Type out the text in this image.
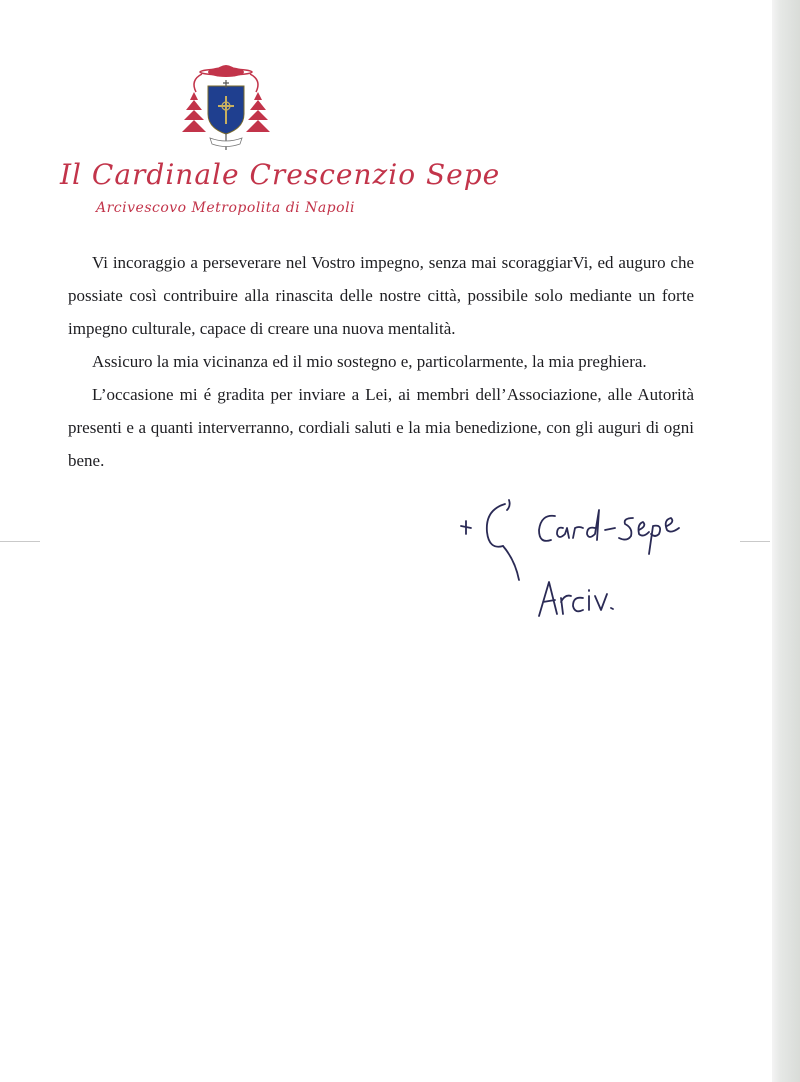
Il Cardinale Crescenzio Sepe
Arcivescovo Metropolita di Napoli

Vi incoraggio a perseverare nel Vostro impegno, senza mai scoraggiarVi, ed auguro che possiate così contribuire alla rinascita delle nostre città, possibile solo mediante un forte impegno culturale, capace di creare una nuova mentalità.

Assicuro la mia vicinanza ed il mio sostegno e, particolarmente, la mia preghiera.

L’occasione mi é gradita per inviare a Lei, ai membri dell’Associazione, alle Autorità presenti e a quanti interverranno, cordiali saluti e la mia benedizione, con gli auguri di ogni bene.
